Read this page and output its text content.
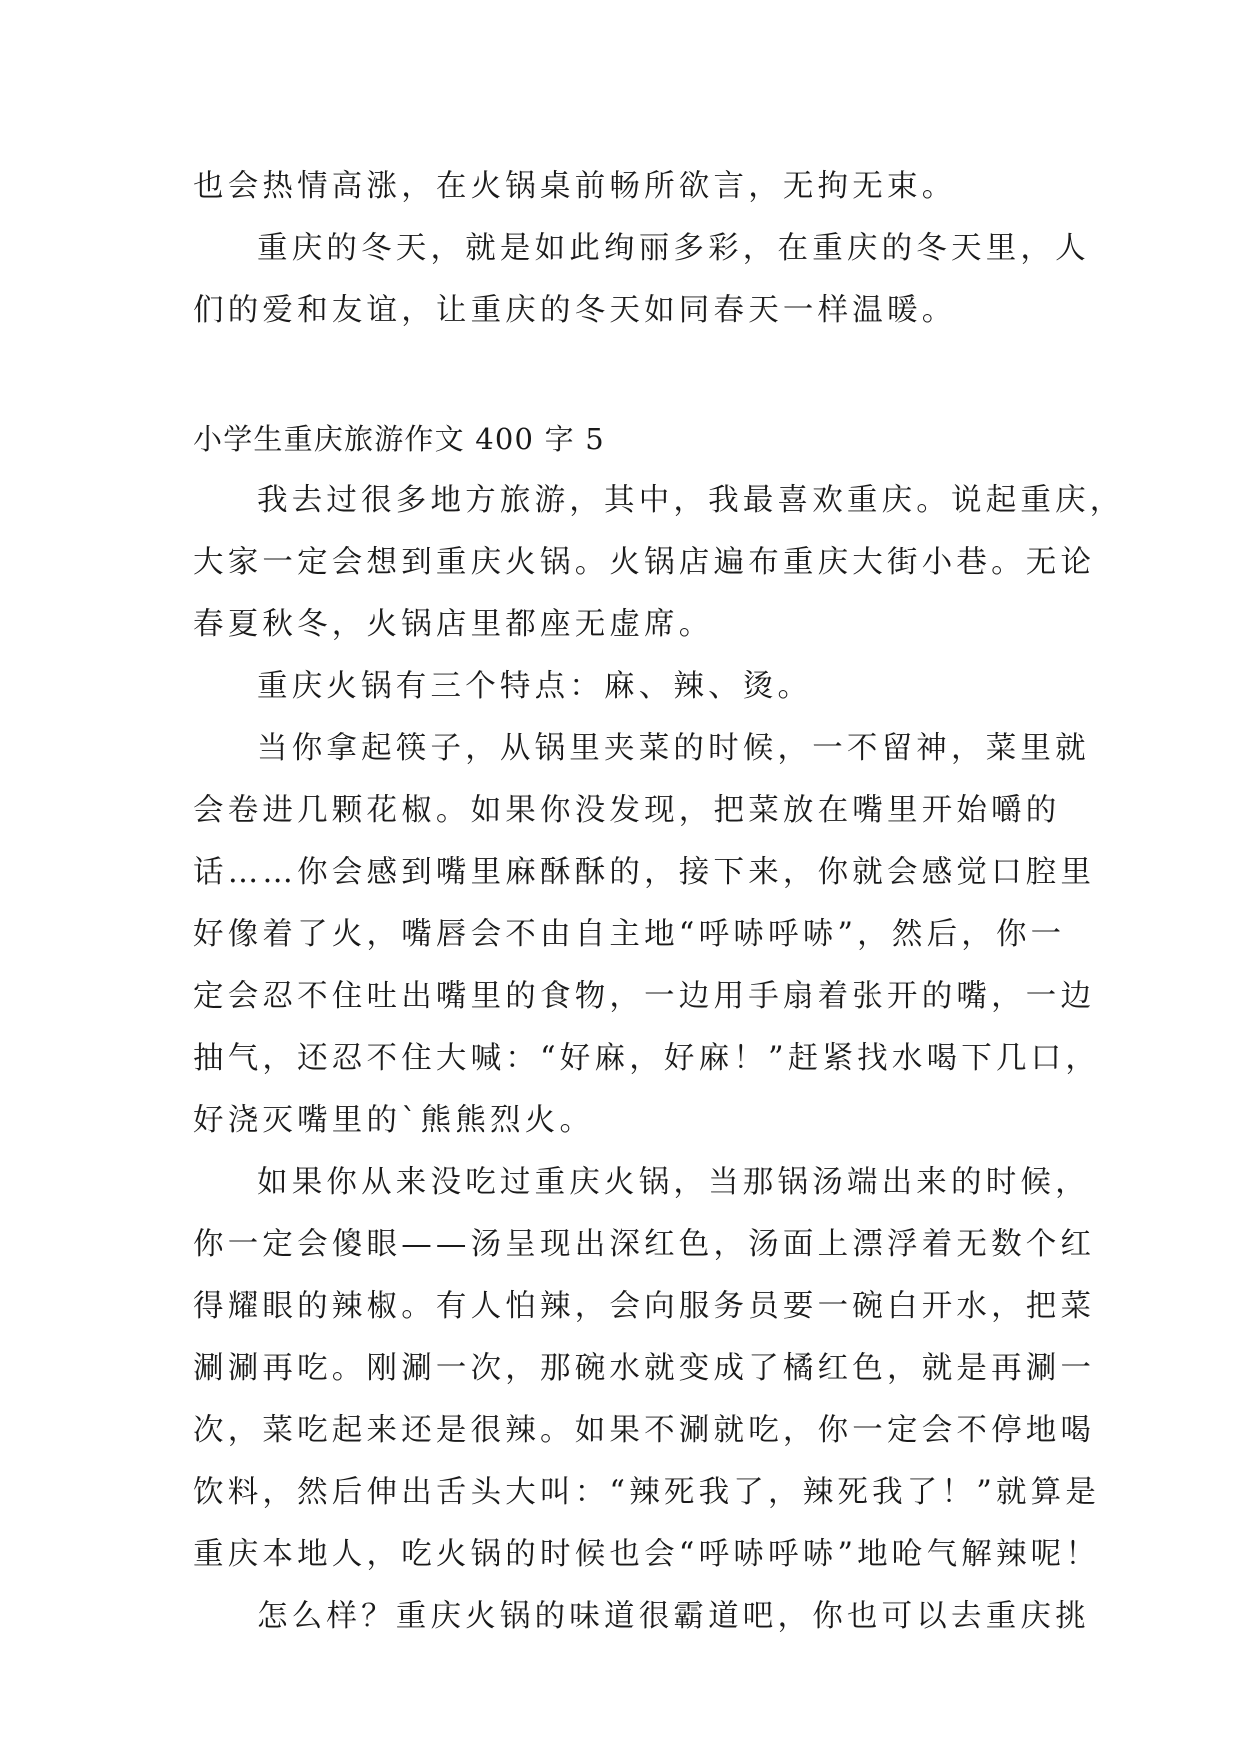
也会热情高涨，在火锅桌前畅所欲言，无拘无束。

重庆的冬天，就是如此绚丽多彩，在重庆的冬天里，人

们的爱和友谊，让重庆的冬天如同春天一样温暖。

小学生重庆旅游作文 400 字 5

我去过很多地方旅游，其中，我最喜欢重庆。说起重庆，

大家一定会想到重庆火锅。火锅店遍布重庆大街小巷。无论

春夏秋冬，火锅店里都座无虚席。

重庆火锅有三个特点：麻、辣、烫。

当你拿起筷子，从锅里夹菜的时候，一不留神，菜里就

会卷进几颗花椒。如果你没发现，把菜放在嘴里开始嚼的

话……你会感到嘴里麻酥酥的，接下来，你就会感觉口腔里

好像着了火，嘴唇会不由自主地“呼哧呼哧”，然后，你一

定会忍不住吐出嘴里的食物，一边用手扇着张开的嘴，一边

抽气，还忍不住大喊：“好麻，好麻！”赶紧找水喝下几口，

好浇灭嘴里的`熊熊烈火。

如果你从来没吃过重庆火锅，当那锅汤端出来的时候，

你一定会傻眼——汤呈现出深红色，汤面上漂浮着无数个红

得耀眼的辣椒。有人怕辣，会向服务员要一碗白开水，把菜

涮涮再吃。刚涮一次，那碗水就变成了橘红色，就是再涮一

次，菜吃起来还是很辣。如果不涮就吃，你一定会不停地喝

饮料，然后伸出舌头大叫：“辣死我了，辣死我了！”就算是

重庆本地人，吃火锅的时候也会“呼哧呼哧”地呛气解辣呢！

怎么样？重庆火锅的味道很霸道吧，你也可以去重庆挑
